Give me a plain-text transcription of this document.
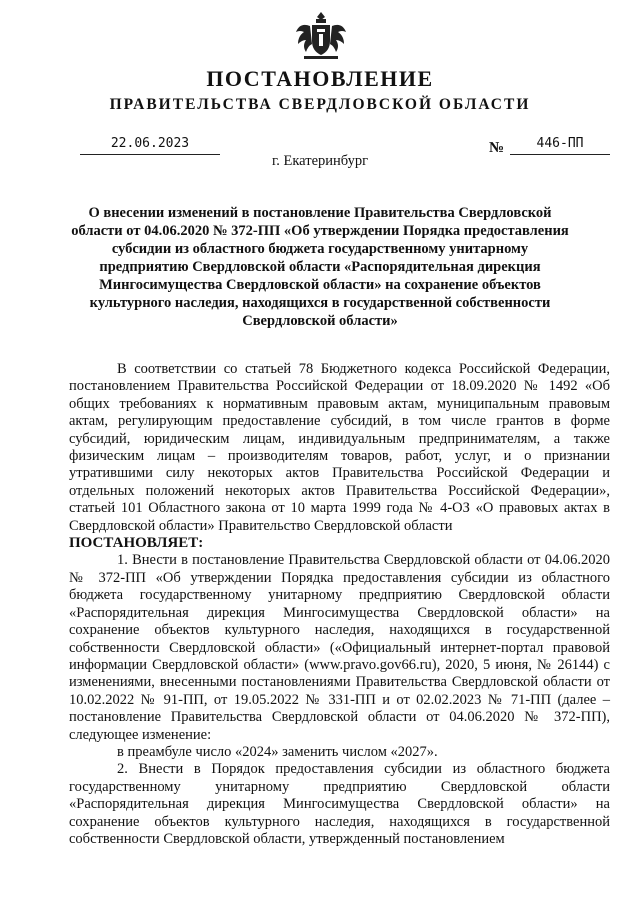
ПОСТАНОВЛЕНИЕ
ПРАВИТЕЛЬСТВА СВЕРДЛОВСКОЙ ОБЛАСТИ
22.06.2023	№	446-ПП
г. Екатеринбург
О внесении изменений в постановление Правительства Свердловской области от 04.06.2020 № 372-ПП «Об утверждении Порядка предоставления субсидии из областного бюджета государственному унитарному предприятию Свердловской области «Распорядительная дирекция Мингосимущества Свердловской области» на сохранение объектов культурного наследия, находящихся в государственной собственности Свердловской области»

В соответствии со статьей 78 Бюджетного кодекса Российской Федерации, постановлением Правительства Российской Федерации от 18.09.2020 № 1492 «Об общих требованиях к нормативным правовым актам, муниципальным правовым актам, регулирующим предоставление субсидий, в том числе грантов в форме субсидий, юридическим лицам, индивидуальным предпринимателям, а также физическим лицам – производителям товаров, работ, услуг, и о признании утратившими силу некоторых актов Правительства Российской Федерации и отдельных положений некоторых актов Правительства Российской Федерации», статьей 101 Областного закона от 10 марта 1999 года № 4-ОЗ «О правовых актах в Свердловской области» Правительство Свердловской области

ПОСТАНОВЛЯЕТ:

1. Внести в постановление Правительства Свердловской области от 04.06.2020 № 372-ПП «Об утверждении Порядка предоставления субсидии из областного бюджета государственному унитарному предприятию Свердловской области «Распорядительная дирекция Мингосимущества Свердловской области» на сохранение объектов культурного наследия, находящихся в государственной собственности Свердловской области» («Официальный интернет-портал правовой информации Свердловской области» (www.pravo.gov66.ru), 2020, 5 июня, № 26144) с изменениями, внесенными постановлениями Правительства Свердловской области от 10.02.2022 № 91-ПП, от 19.05.2022 № 331-ПП и от 02.02.2023 № 71-ПП (далее – постановление Правительства Свердловской области от 04.06.2020 № 372-ПП), следующее изменение:

в преамбуле число «2024» заменить числом «2027».

2. Внести в Порядок предоставления субсидии из областного бюджета государственному унитарному предприятию Свердловской области «Распорядительная дирекция Мингосимущества Свердловской области» на сохранение объектов культурного наследия, находящихся в государственной собственности Свердловской области, утвержденный постановлением
